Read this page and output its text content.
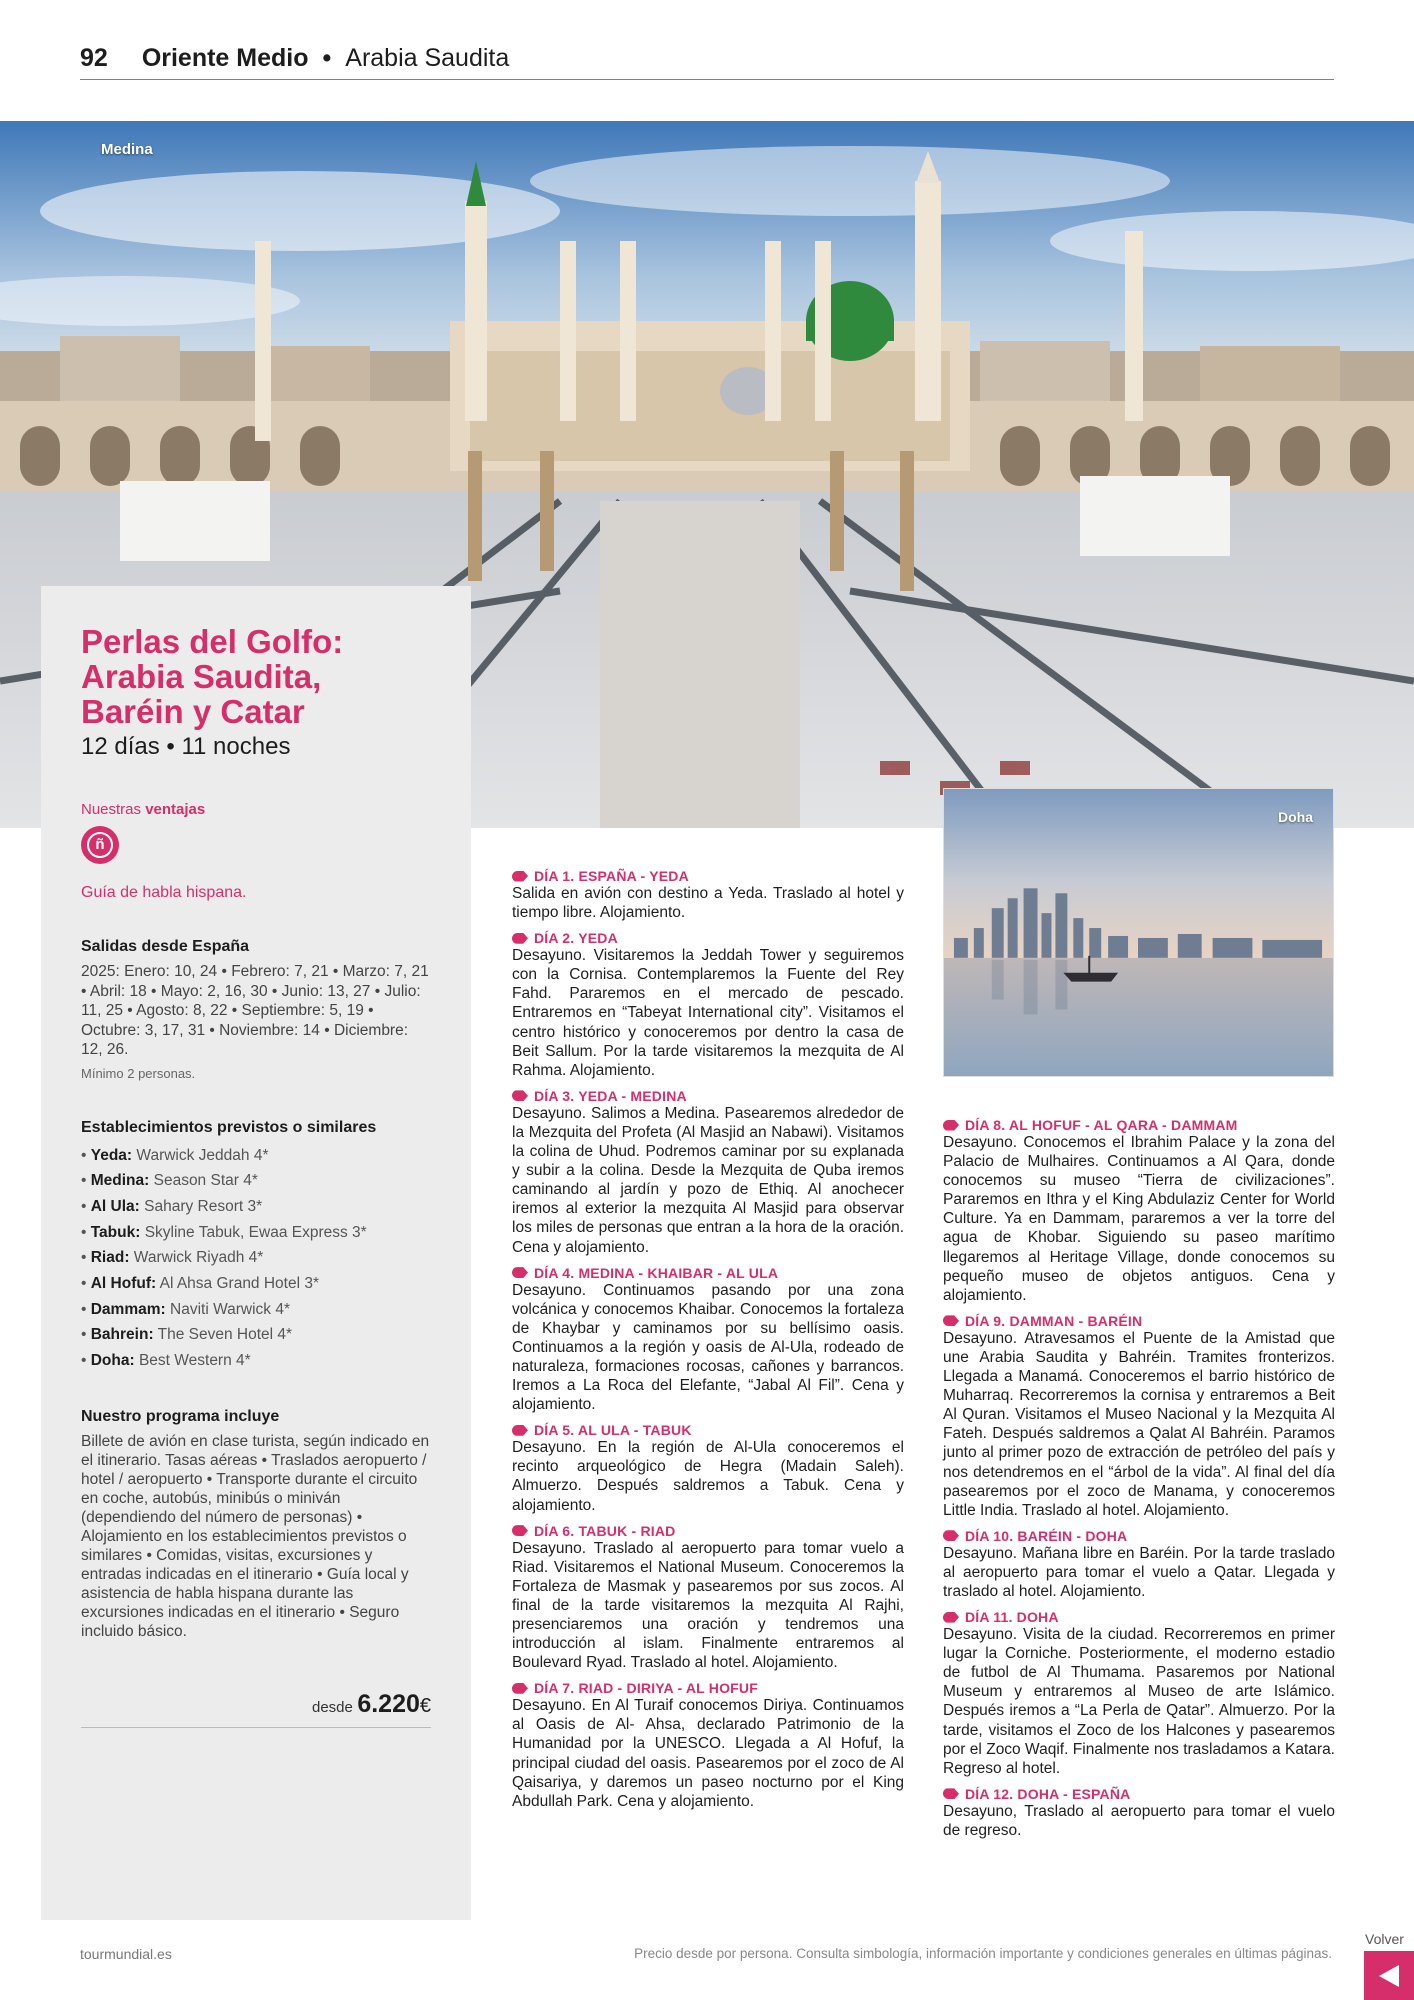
92 Oriente Medio • Arabia Saudita
Medina
Perlas del Golfo:
Arabia Saudita,
Baréin y Catar
12 días • 11 noches
Nuestras ventajas
ñ
Guía de habla hispana.
Salidas desde España
2025: Enero: 10, 24 • Febrero: 7, 21 • Marzo: 7, 21 • Abril: 18 • Mayo: 2, 16, 30 • Junio: 13, 27 • Julio: 11, 25 • Agosto: 8, 22 • Septiembre: 5, 19 • Octubre: 3, 17, 31 • Noviembre: 14 • Diciembre: 12, 26.
Mínimo 2 personas.
Establecimientos previstos o similares
• Yeda: Warwick Jeddah 4*
• Medina: Season Star 4*
• Al Ula: Sahary Resort 3*
• Tabuk: Skyline Tabuk, Ewaa Express 3*
• Riad: Warwick Riyadh 4*
• Al Hofuf: Al Ahsa Grand Hotel 3*
• Dammam: Naviti Warwick 4*
• Bahrein: The Seven Hotel 4*
• Doha: Best Western 4*
Nuestro programa incluye
Billete de avión en clase turista, según indicado en el itinerario. Tasas aéreas • Traslados aeropuerto / hotel / aeropuerto • Transporte durante el circuito en coche, autobús, minibús o miniván (dependiendo del número de personas) • Alojamiento en los establecimientos previstos o similares • Comidas, visitas, excursiones y entradas indicadas en el itinerario • Guía local y asistencia de habla hispana durante las excursiones indicadas en el itinerario • Seguro incluido básico.
desde 6.220€
DÍA 1. ESPAÑA - YEDA
Salida en avión con destino a Yeda. Traslado al hotel y tiempo libre. Alojamiento.
DÍA 2. YEDA
Desayuno. Visitaremos la Jeddah Tower y seguiremos con la Cornisa. Contemplaremos la Fuente del Rey Fahd. Pararemos en el mercado de pescado. Entraremos en “Tabeyat International city”. Visitamos el centro histórico y conoceremos por dentro la casa de Beit Sallum. Por la tarde visitaremos la mezquita de Al Rahma. Alojamiento.
DÍA 3. YEDA - MEDINA
Desayuno. Salimos a Medina. Pasearemos alrededor de la Mezquita del Profeta (Al Masjid an Nabawi). Visitamos la colina de Uhud. Podremos caminar por su explanada y subir a la colina. Desde la Mezquita de Quba iremos caminando al jardín y pozo de Ethiq. Al anochecer iremos al exterior la mezquita Al Masjid para observar los miles de personas que entran a la hora de la oración. Cena y alojamiento.
DÍA 4. MEDINA - KHAIBAR - AL ULA
Desayuno. Continuamos pasando por una zona volcánica y conocemos Khaibar. Conocemos la fortaleza de Khaybar y caminamos por su bellísimo oasis. Continuamos a la región y oasis de Al-Ula, rodeado de naturaleza, formaciones rocosas, cañones y barrancos. Iremos a La Roca del Elefante, “Jabal Al Fil”. Cena y alojamiento.
DÍA 5. AL ULA - TABUK
Desayuno. En la región de Al-Ula conoceremos el recinto arqueológico de Hegra (Madain Saleh). Almuerzo. Después saldremos a Tabuk. Cena y alojamiento.
DÍA 6. TABUK - RIAD
Desayuno. Traslado al aeropuerto para tomar vuelo a Riad. Visitaremos el National Museum. Conoceremos la Fortaleza de Masmak y pasearemos por sus zocos. Al final de la tarde visitaremos la mezquita Al Rajhi, presenciaremos una oración y tendremos una introducción al islam. Finalmente entraremos al Boulevard Ryad. Traslado al hotel. Alojamiento.
DÍA 7. RIAD - DIRIYA - AL HOFUF
Desayuno. En Al Turaif conocemos Diriya. Continuamos al Oasis de Al- Ahsa, declarado Patrimonio de la Humanidad por la UNESCO. Llegada a Al Hofuf, la principal ciudad del oasis. Pasearemos por el zoco de Al Qaisariya, y daremos un paseo nocturno por el King Abdullah Park. Cena y alojamiento.
Doha
DÍA 8. AL HOFUF - AL QARA - DAMMAM
Desayuno. Conocemos el Ibrahim Palace y la zona del Palacio de Mulhaires. Continuamos a Al Qara, donde conocemos su museo “Tierra de civilizaciones”. Pararemos en Ithra y el King Abdulaziz Center for World Culture. Ya en Dammam, pararemos a ver la torre del agua de Khobar. Siguiendo su paseo marítimo llegaremos al Heritage Village, donde conocemos su pequeño museo de objetos antiguos. Cena y alojamiento.
DÍA 9. DAMMAN - BARÉIN
Desayuno. Atravesamos el Puente de la Amistad que une Arabia Saudita y Bahréin. Tramites fronterizos. Llegada a Manamá. Conoceremos el barrio histórico de Muharraq. Recorreremos la cornisa y entraremos a Beit Al Quran. Visitamos el Museo Nacional y la Mezquita Al Fateh. Después saldremos a Qalat Al Bahréin. Paramos junto al primer pozo de extracción de petróleo del país y nos detendremos en el “árbol de la vida”. Al final del día pasearemos por el zoco de Manama, y conoceremos Little India. Traslado al hotel. Alojamiento.
DÍA 10. BARÉIN - DOHA
Desayuno. Mañana libre en Baréin. Por la tarde traslado al aeropuerto para tomar el vuelo a Qatar. Llegada y traslado al hotel. Alojamiento.
DÍA 11. DOHA
Desayuno. Visita de la ciudad. Recorreremos en primer lugar la Corniche. Posteriormente, el moderno estadio de futbol de Al Thumama. Pasaremos por National Museum y entraremos al Museo de arte Islámico. Después iremos a “La Perla de Qatar”. Almuerzo. Por la tarde, visitamos el Zoco de los Halcones y pasearemos por el Zoco Waqif. Finalmente nos trasladamos a Katara. Regreso al hotel.
DÍA 12. DOHA - ESPAÑA
Desayuno, Traslado al aeropuerto para tomar el vuelo de regreso.
tourmundial.es	Precio desde por persona. Consulta simbología, información importante y condiciones generales en últimas páginas.
Volver
